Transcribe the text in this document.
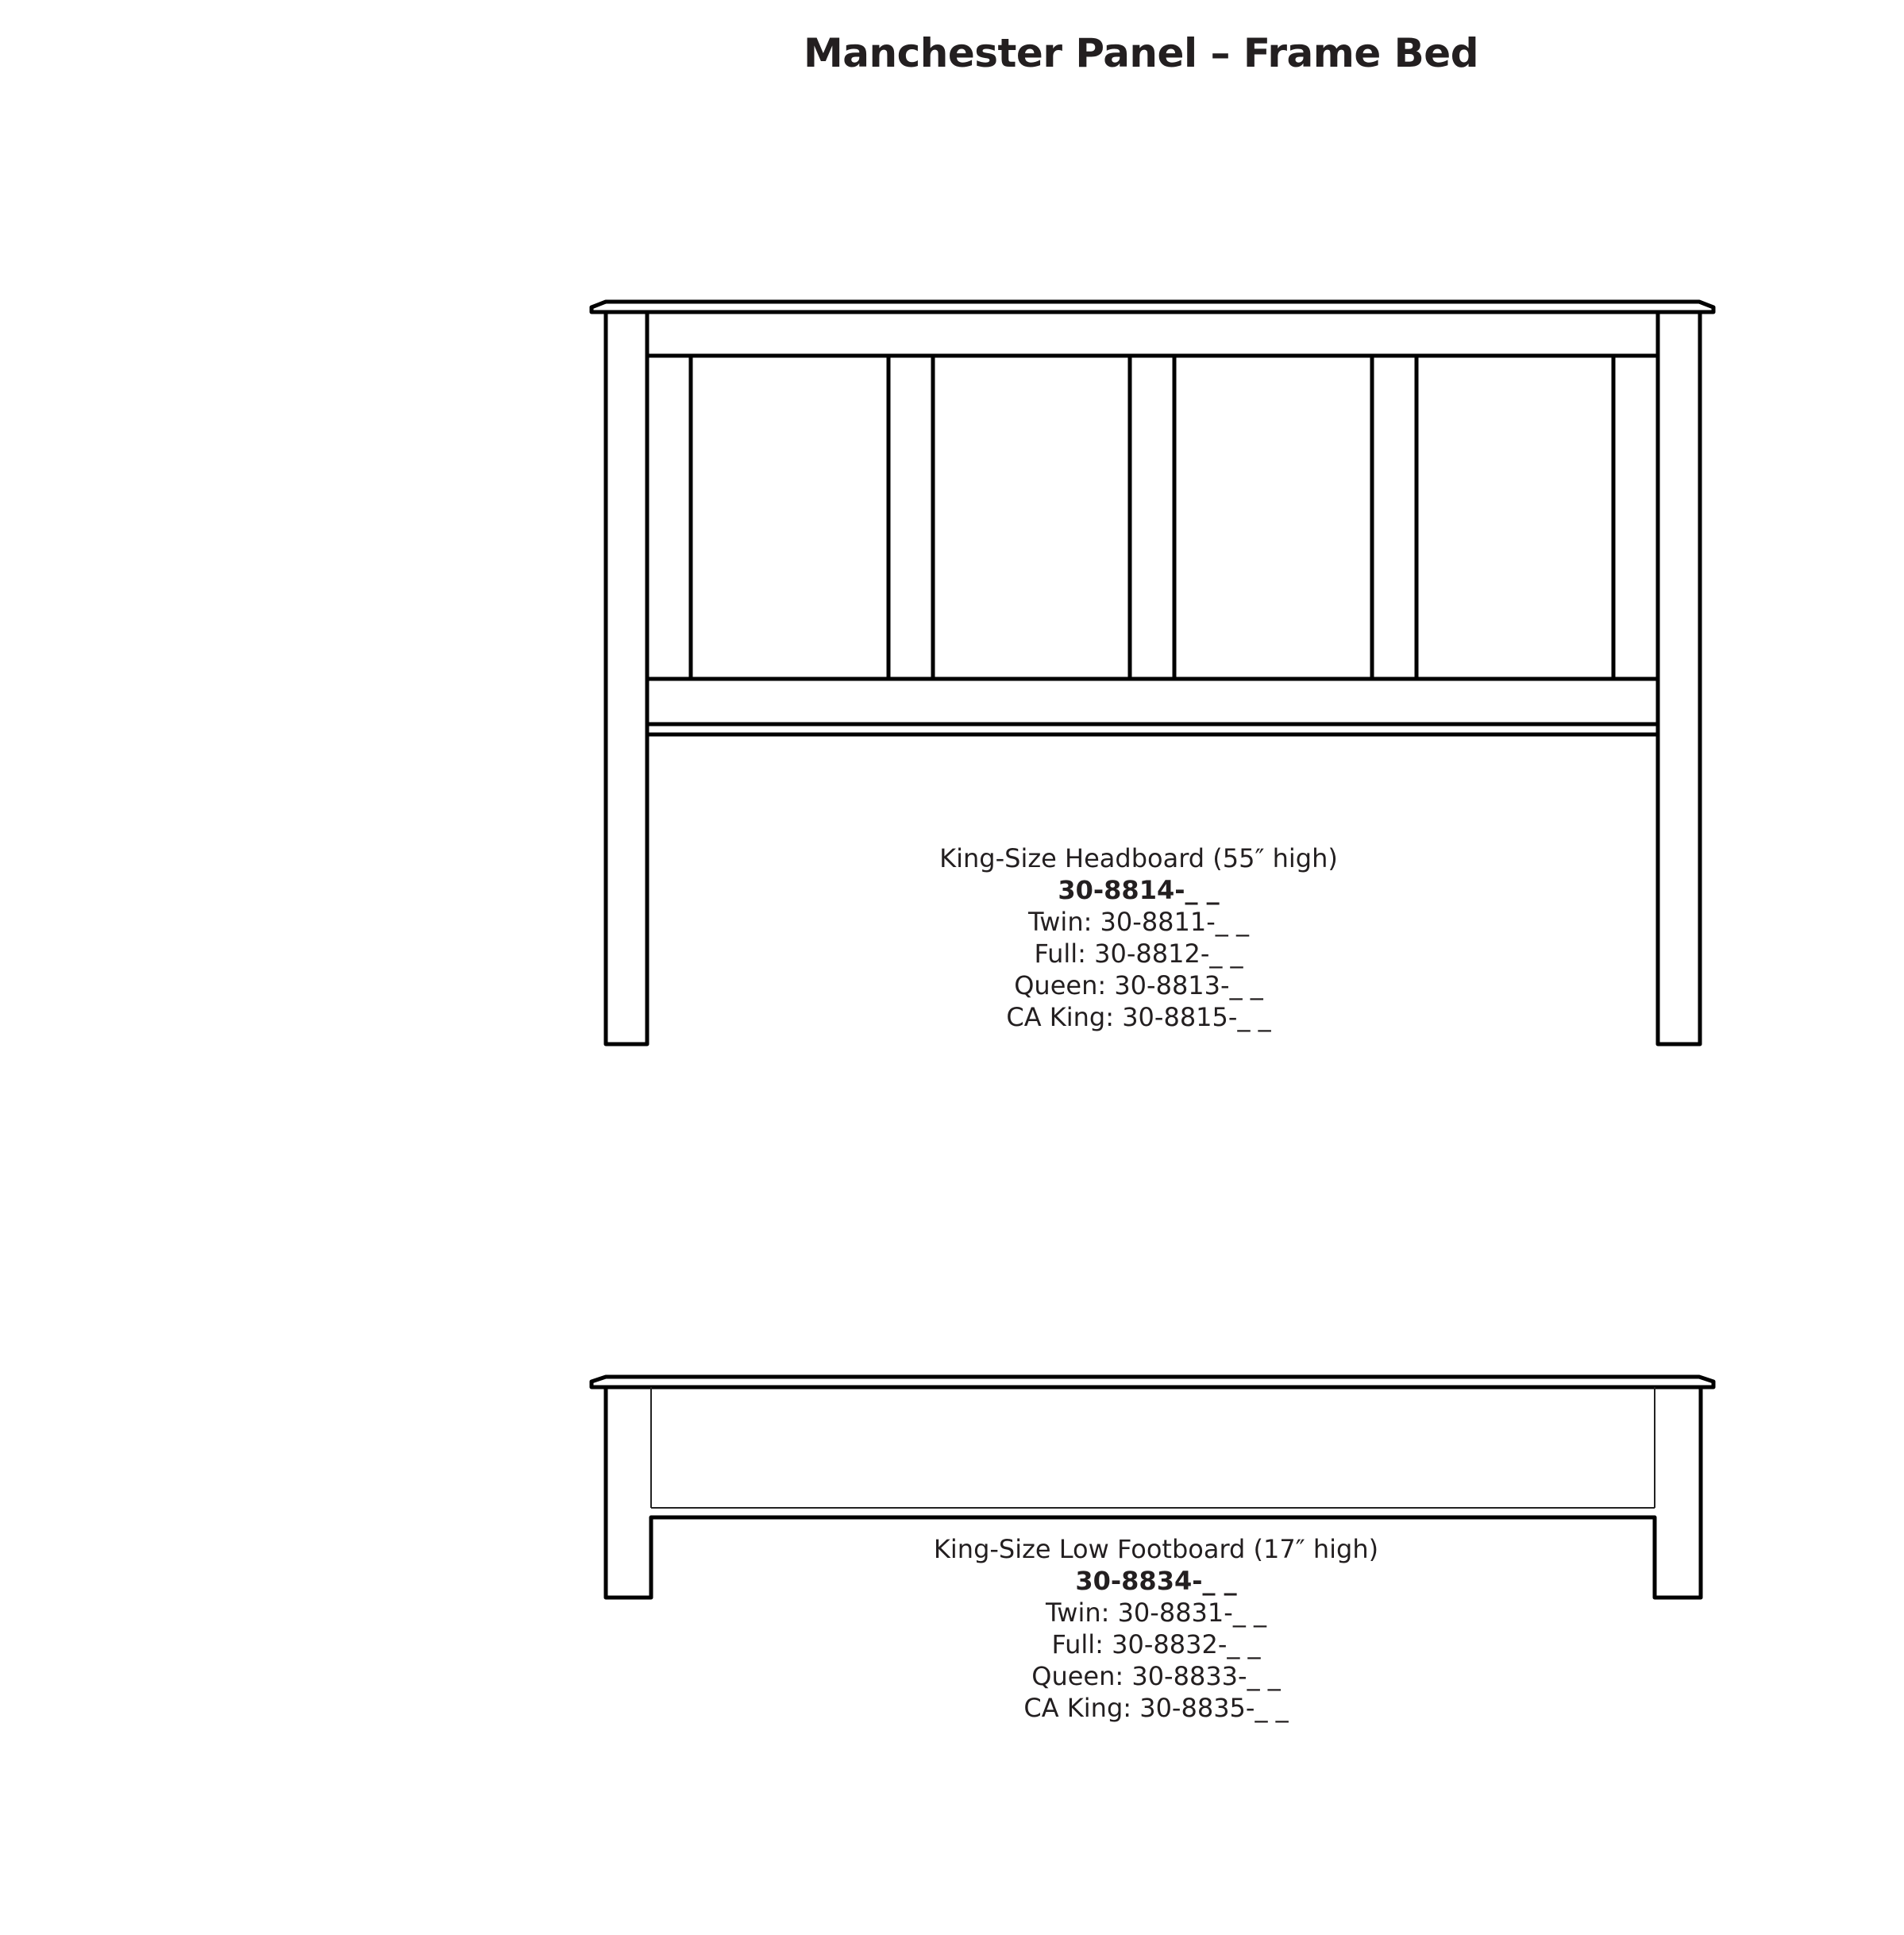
Manchester Panel – Frame Bed
King-Size Headboard (55″ high)
30-8814-_ _
Twin: 30-8811-_ _
Full: 30-8812-_ _
Queen: 30-8813-_ _
CA King: 30-8815-_ _
King-Size Low Footboard (17″ high)
30-8834-_ _
Twin: 30-8831-_ _
Full: 30-8832-_ _
Queen: 30-8833-_ _
CA King: 30-8835-_ _
